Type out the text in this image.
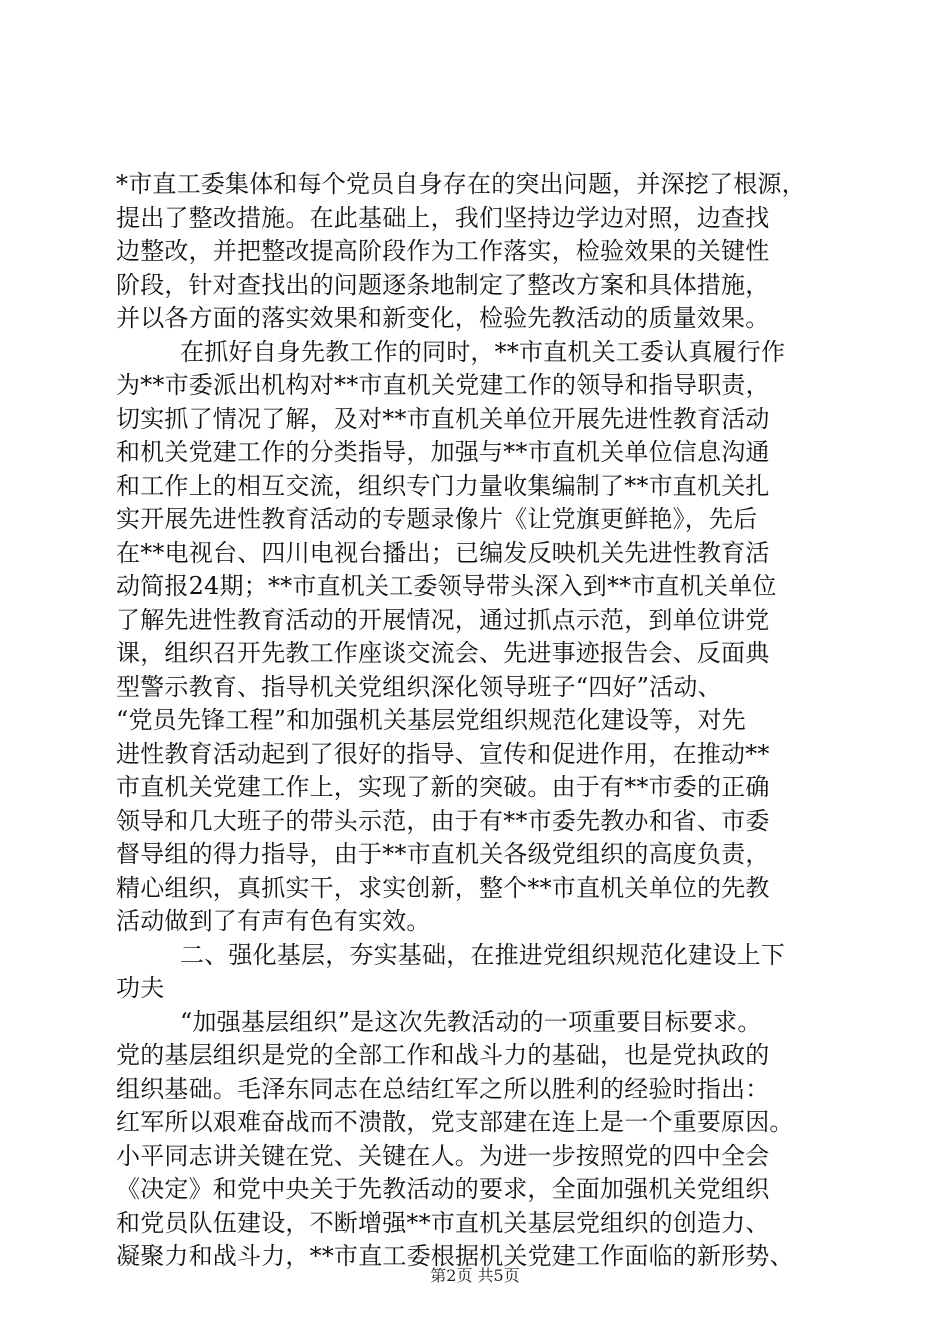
*市直工委集体和每个党员自身存在的突出问题，并深挖了根源，
提出了整改措施。在此基础上，我们坚持边学边对照，边查找
边整改，并把整改提高阶段作为工作落实，检验效果的关键性
阶段，针对查找出的问题逐条地制定了整改方案和具体措施，
并以各方面的落实效果和新变化，检验先教活动的质量效果。
在抓好自身先教工作的同时，**市直机关工委认真履行作
为**市委派出机构对**市直机关党建工作的领导和指导职责，
切实抓了情况了解，及对**市直机关单位开展先进性教育活动
和机关党建工作的分类指导，加强与**市直机关单位信息沟通
和工作上的相互交流，组织专门力量收集编制了**市直机关扎
实开展先进性教育活动的专题录像片《让党旗更鲜艳》，先后
在**电视台、四川电视台播出；已编发反映机关先进性教育活
动简报24期；**市直机关工委领导带头深入到**市直机关单位
了解先进性教育活动的开展情况，通过抓点示范，到单位讲党
课，组织召开先教工作座谈交流会、先进事迹报告会、反面典
型警示教育、指导机关党组织深化领导班子“四好”活动、
“党员先锋工程”和加强机关基层党组织规范化建设等，对先
进性教育活动起到了很好的指导、宣传和促进作用，在推动**
市直机关党建工作上，实现了新的突破。由于有**市委的正确
领导和几大班子的带头示范，由于有**市委先教办和省、市委
督导组的得力指导，由于**市直机关各级党组织的高度负责，
精心组织，真抓实干，求实创新，整个**市直机关单位的先教
活动做到了有声有色有实效。
二、强化基层，夯实基础，在推进党组织规范化建设上下
功夫
“加强基层组织”是这次先教活动的一项重要目标要求。
党的基层组织是党的全部工作和战斗力的基础，也是党执政的
组织基础。毛泽东同志在总结红军之所以胜利的经验时指出：
红军所以艰难奋战而不溃散，党支部建在连上是一个重要原因。
小平同志讲关键在党、关键在人。为进一步按照党的四中全会
《决定》和党中央关于先教活动的要求，全面加强机关党组织
和党员队伍建设，不断增强**市直机关基层党组织的创造力、
凝聚力和战斗力，**市直工委根据机关党建工作面临的新形势、
第2页 共5页
